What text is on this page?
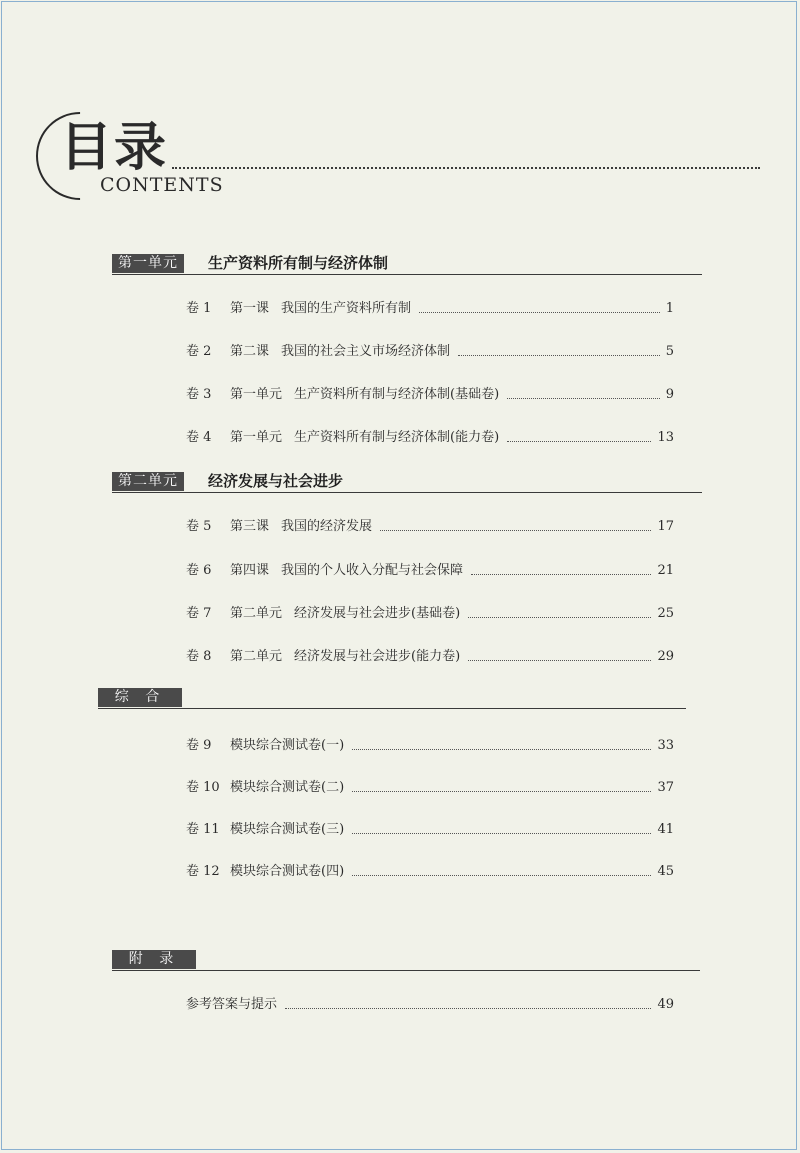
目录
CONTENTS
第一单元	生产资料所有制与经济体制
卷 1	第一课 我国的生产资料所有制	1
卷 2	第二课 我国的社会主义市场经济体制	5
卷 3	第一单元 生产资料所有制与经济体制(基础卷)	9
卷 4	第一单元 生产资料所有制与经济体制(能力卷)	13
第二单元	经济发展与社会进步
卷 5	第三课 我国的经济发展	17
卷 6	第四课 我国的个人收入分配与社会保障	21
卷 7	第二单元 经济发展与社会进步(基础卷)	25
卷 8	第二单元 经济发展与社会进步(能力卷)	29
综 合
卷 9	模块综合测试卷(一)	33
卷 10 模块综合测试卷(二)	37
卷 11 模块综合测试卷(三)	41
卷 12 模块综合测试卷(四)	45
附 录
参考答案与提示	49
